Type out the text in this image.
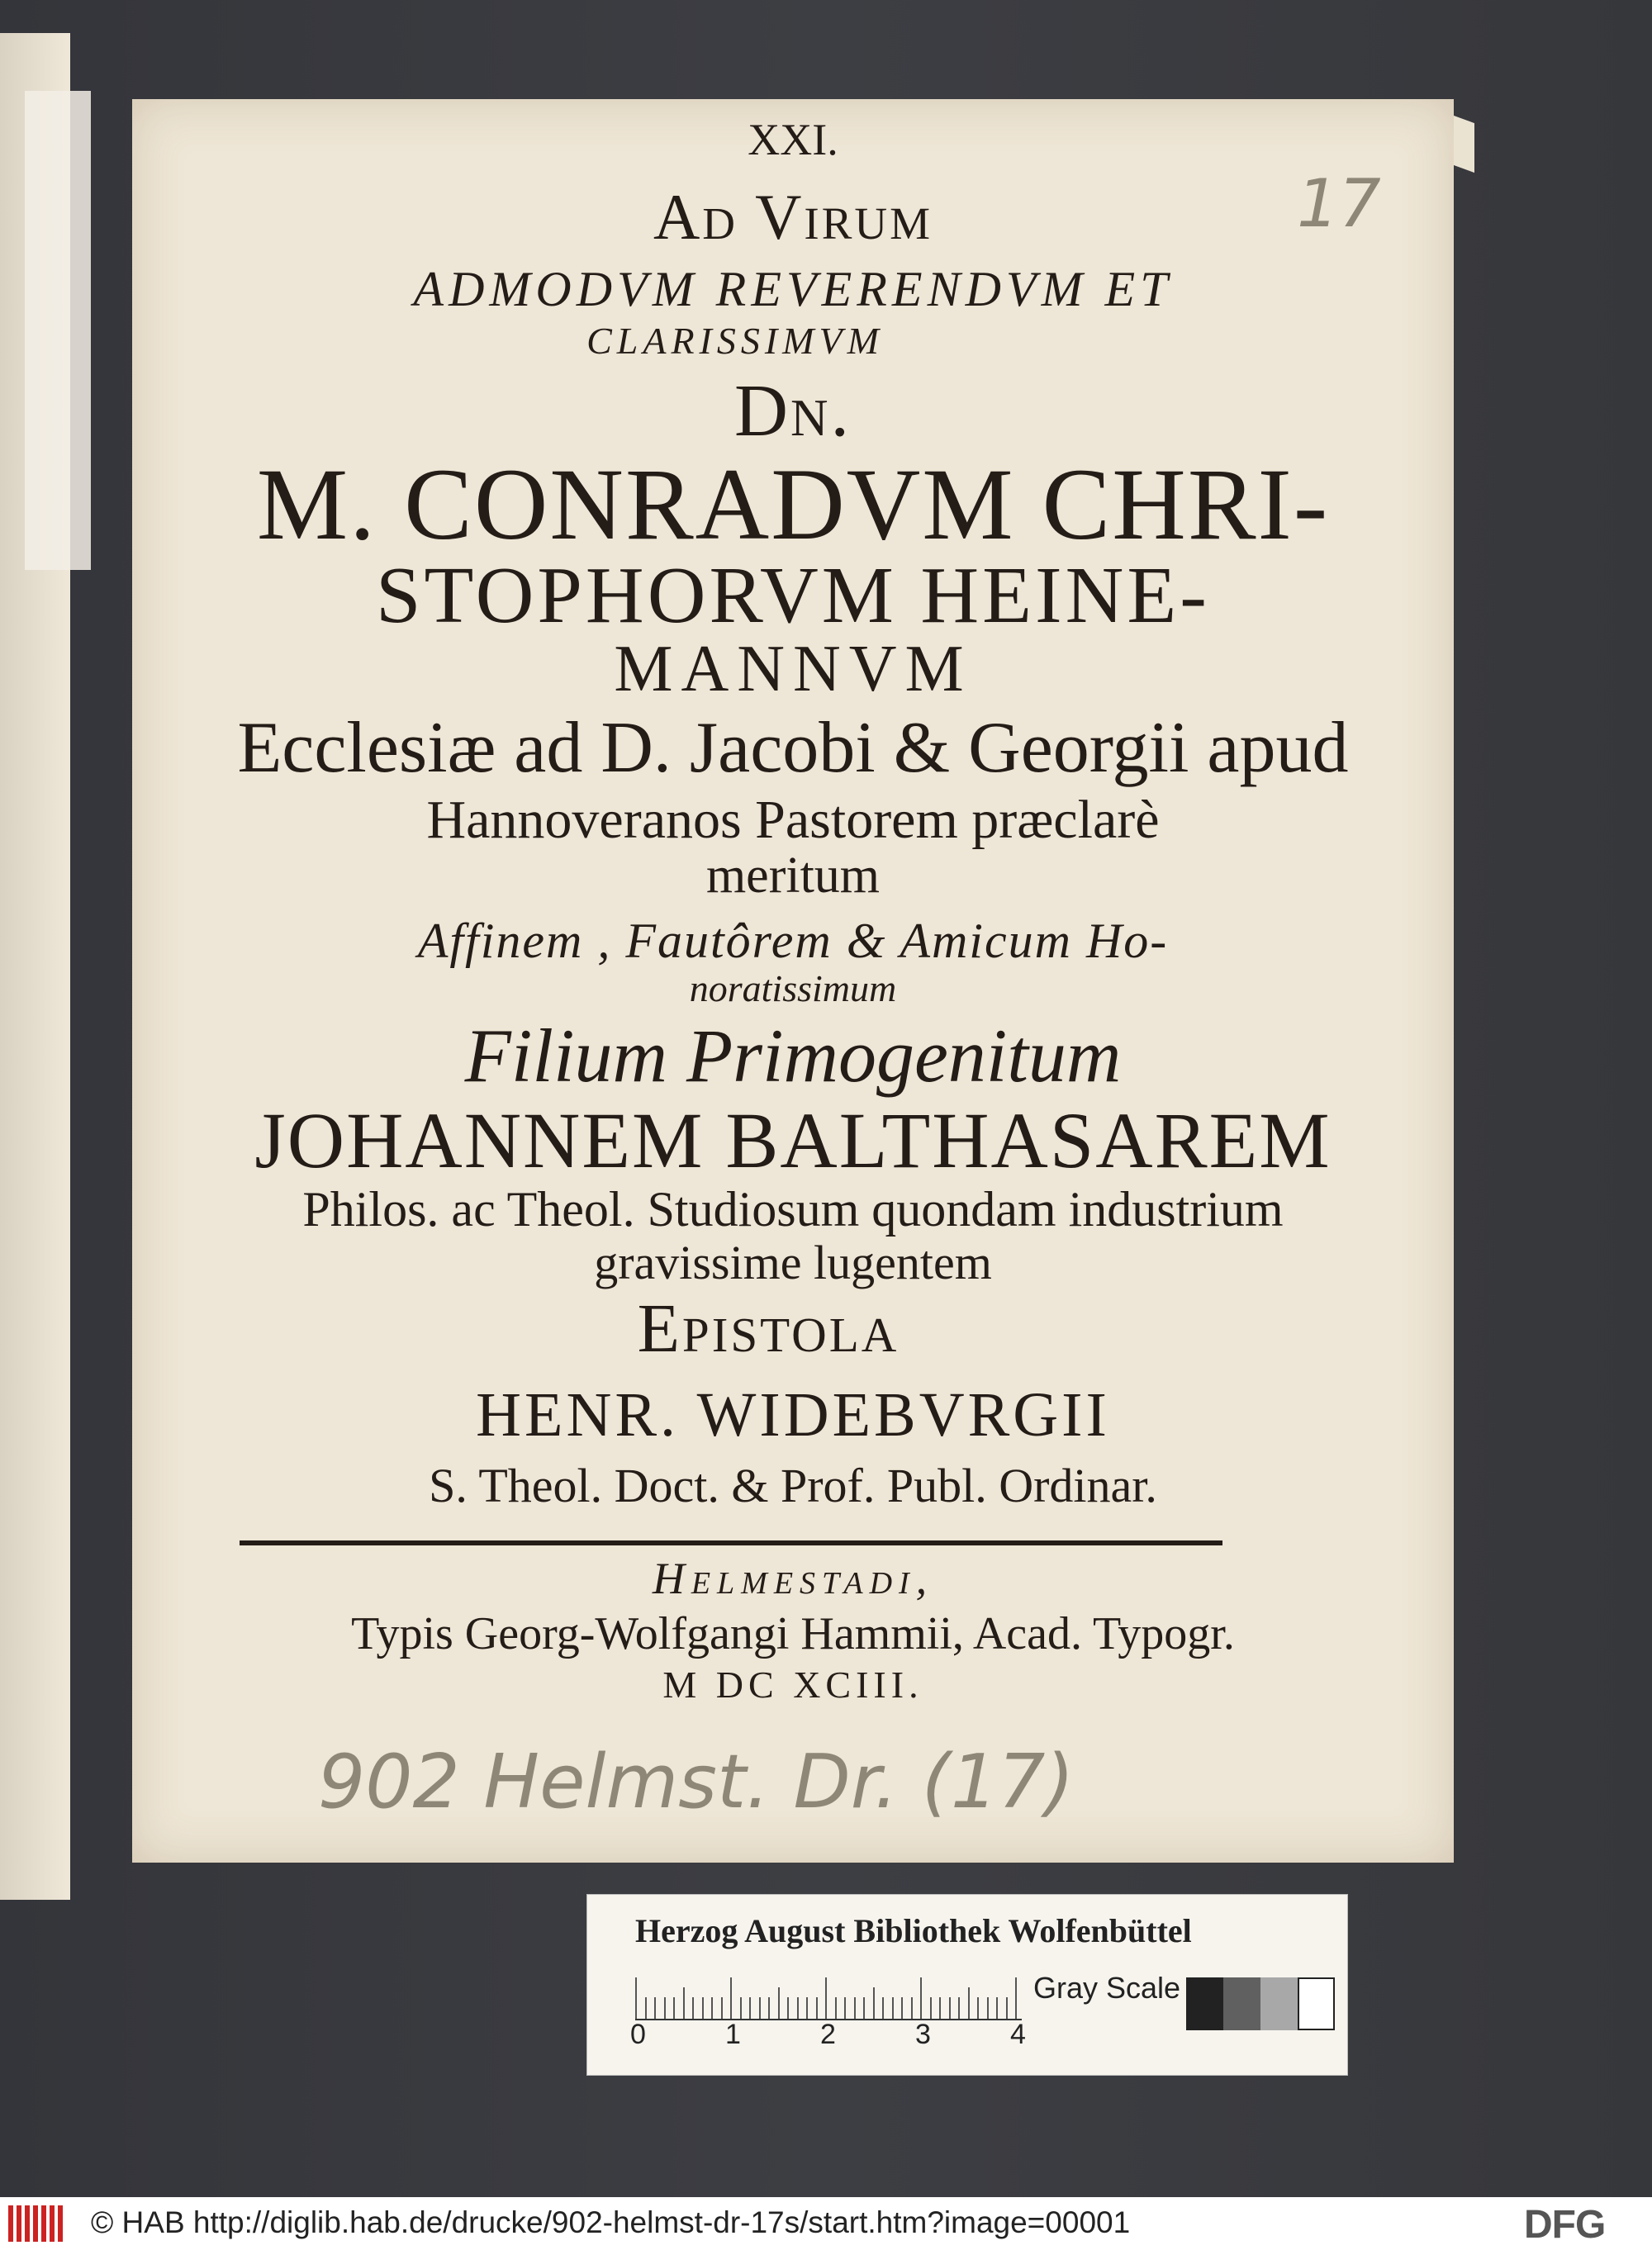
XXI.
17
Ad Virum
ADMODVM REVERENDVM ET
CLARISSIMVM
Dn.
M. CONRADVM CHRI-
STOPHORVM HEINE-
MANNVM
Ecclesiæ ad D. Jacobi & Georgii apud
Hannoveranos Pastorem præclarè
meritum
Affinem , Fautôrem & Amicum Ho-
noratissimum
Filium Primogenitum
JOHANNEM BALTHASAREM
Philos. ac Theol. Studiosum quondam industrium
gravissime lugentem
Epistola
HENR. WIDEBVRGII
S. Theol. Doct. & Prof. Publ. Ordinar.
Helmestadi,
Typis Georg-Wolfgangi Hammii, Acad. Typogr.
M DC XCIII.
902 Helmst. Dr. (17)
Herzog August Bibliothek Wolfenbüttel
0	1	2	3	4
Gray Scale
© HAB http://diglib.hab.de/drucke/902-helmst-dr-17s/start.htm?image=00001	DFG
